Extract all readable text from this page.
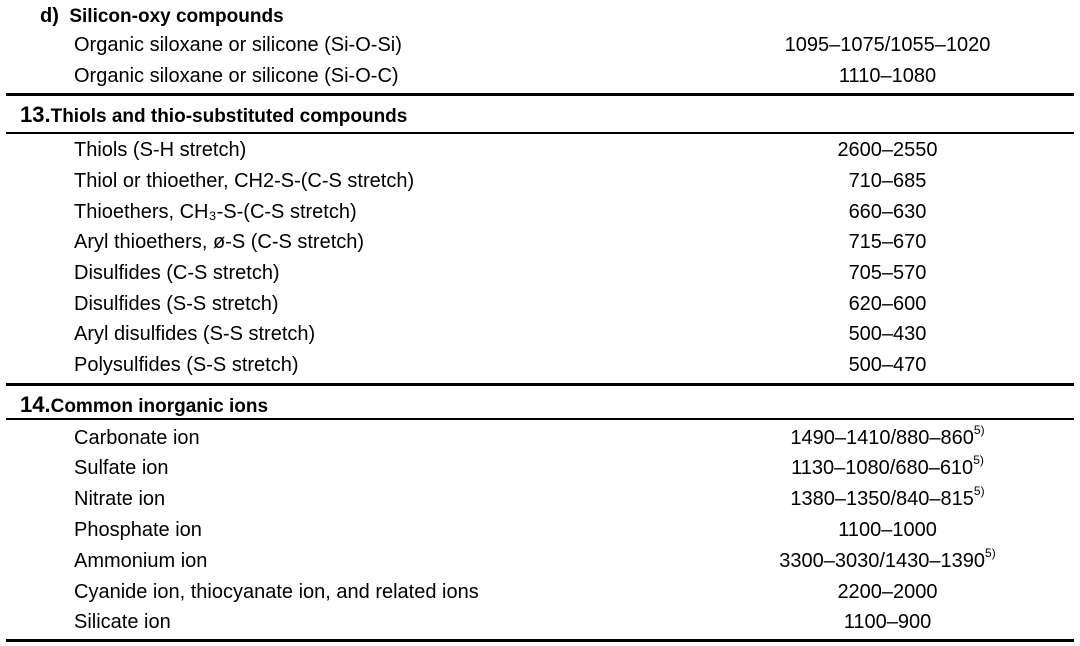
d) Silicon-oxy compounds
Organic siloxane or silicone (Si-O-Si)	1095–1075/1055–1020
Organic siloxane or silicone (Si-O-C)	1110–1080
13.Thiols and thio-substituted compounds
Thiols (S-H stretch)	2600–2550
Thiol or thioether, CH2-S-(C-S stretch)	710–685
Thioethers, CH₃-S-(C-S stretch)	660–630
Aryl thioethers, ø-S (C-S stretch)	715–670
Disulfides (C-S stretch)	705–570
Disulfides (S-S stretch)	620–600
Aryl disulfides (S-S stretch)	500–430
Polysulfides (S-S stretch)	500–470
14.Common inorganic ions
Carbonate ion	1490–1410/880–860$^{5)}$
Sulfate ion	1130–1080/680–610$^{5)}$
Nitrate ion	1380–1350/840–815$^{5)}$
Phosphate ion	1100–1000
Ammonium ion	3300–3030/1430–1390$^{5)}$
Cyanide ion, thiocyanate ion, and related ions	2200–2000
Silicate ion	1100–900
